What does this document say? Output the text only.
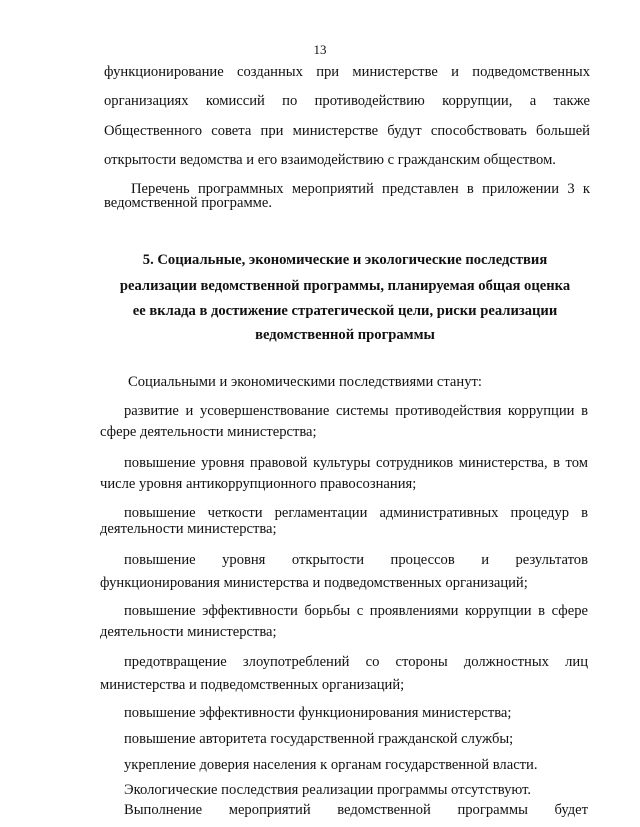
13
функционирование созданных при министерстве и подведомственных
организациях комиссий по противодействию коррупции, а также
Общественного совета при министерстве будут способствовать большей
открытости ведомства и его взаимодействию с гражданским обществом.
Перечень программных мероприятий представлен в приложении 3 к
ведомственной программе.
5. Социальные, экономические и экологические последствия
реализации ведомственной программы, планируемая общая оценка
ее вклада в достижение стратегической цели, риски реализации
ведомственной программы
Социальными и экономическими последствиями станут:
развитие и усовершенствование системы противодействия коррупции в
сфере деятельности министерства;
повышение уровня правовой культуры сотрудников министерства, в том
числе уровня антикоррупционного правосознания;
повышение четкости регламентации административных процедур в
деятельности министерства;
повышение уровня открытости процессов и результатов
функционирования министерства и подведомственных организаций;
повышение эффективности борьбы с проявлениями коррупции в сфере
деятельности министерства;
предотвращение злоупотреблений со стороны должностных лиц
министерства и подведомственных организаций;
повышение эффективности функционирования министерства;
повышение авторитета государственной гражданской службы;
укрепление доверия населения к органам государственной власти.
Экологические последствия реализации программы отсутствуют.
Выполнение мероприятий ведомственной программы будет
